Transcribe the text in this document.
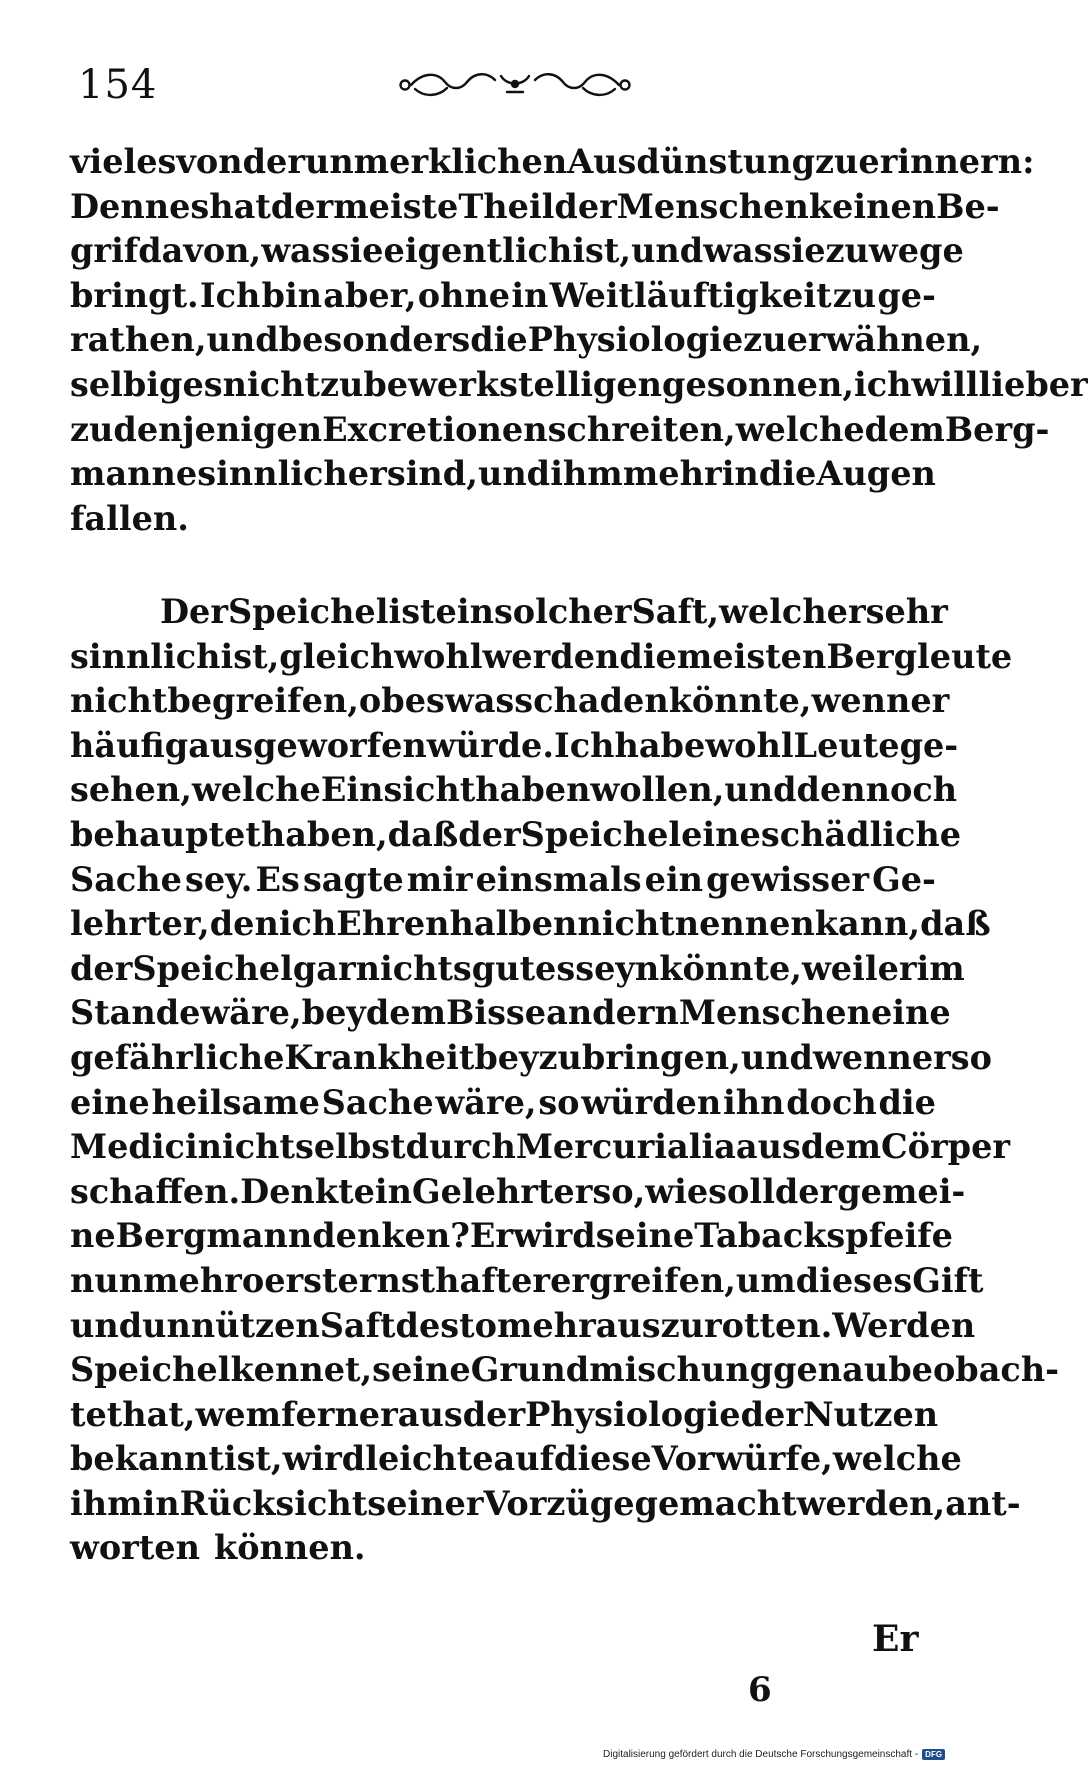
154
vieles von der unmerklichen Ausdünstung zu erinnern:
Denn es hat der meiste Theil der Menschen keinen Be-
grif davon, was sie eigentlich ist, und was sie zuwege
bringt. Ich bin aber, ohne in Weitläuftigkeit zu ge-
rathen, und besonders die Physiologie zu erwähnen,
selbiges nicht zu bewerkstelligen gesonnen, ich will lieber
zu denjenigen Excretionen schreiten, welche dem Berg-
manne sinnlicher sind, und ihm mehr in die Augen
fallen.
Der Speichel ist ein solcher Saft, welcher sehr
sinnlich ist, gleichwohl werden die meisten Bergleute
nicht begreifen, ob es was schaden könnte, wenn er
häufig ausgeworfen würde. Ich habe wohl Leute ge-
sehen, welche Einsicht haben wollen, und dennoch
behauptet haben, daß der Speichel eine schädliche
Sache sey. Es sagte mir einsmals ein gewisser Ge-
lehrter, den ich Ehren halben nicht nennen kann, daß
der Speichel gar nichts gutes seyn könnte, weil er im
Stande wäre, bey dem Bisse andern Menschen eine
gefährliche Krankheit beyzubringen, und wenn er so
eine heilsame Sache wäre, so würden ihn doch die
Medici nicht selbst durch Mercurialia aus dem Cörper
schaffen. Denkt ein Gelehrter so, wie soll der gemei-
ne Bergmann denken? Er wird seine Tabackspfeife
nunmehro erst ernsthafter ergreifen, um dieses Gift
und unnützen Saft destomehr auszurotten. Wer den
Speichel kennet, seine Grundmischung genau beobach-
tet hat, wem ferner aus der Physiologie der Nutzen
bekannt ist, wird leichte auf diese Vorwürfe, welche
ihm in Rücksicht seiner Vorzüge gemacht werden, ant-
worten können.
Er
6
Digitalisierung gefördert durch die Deutsche Forschungsgemeinschaft - DFG
